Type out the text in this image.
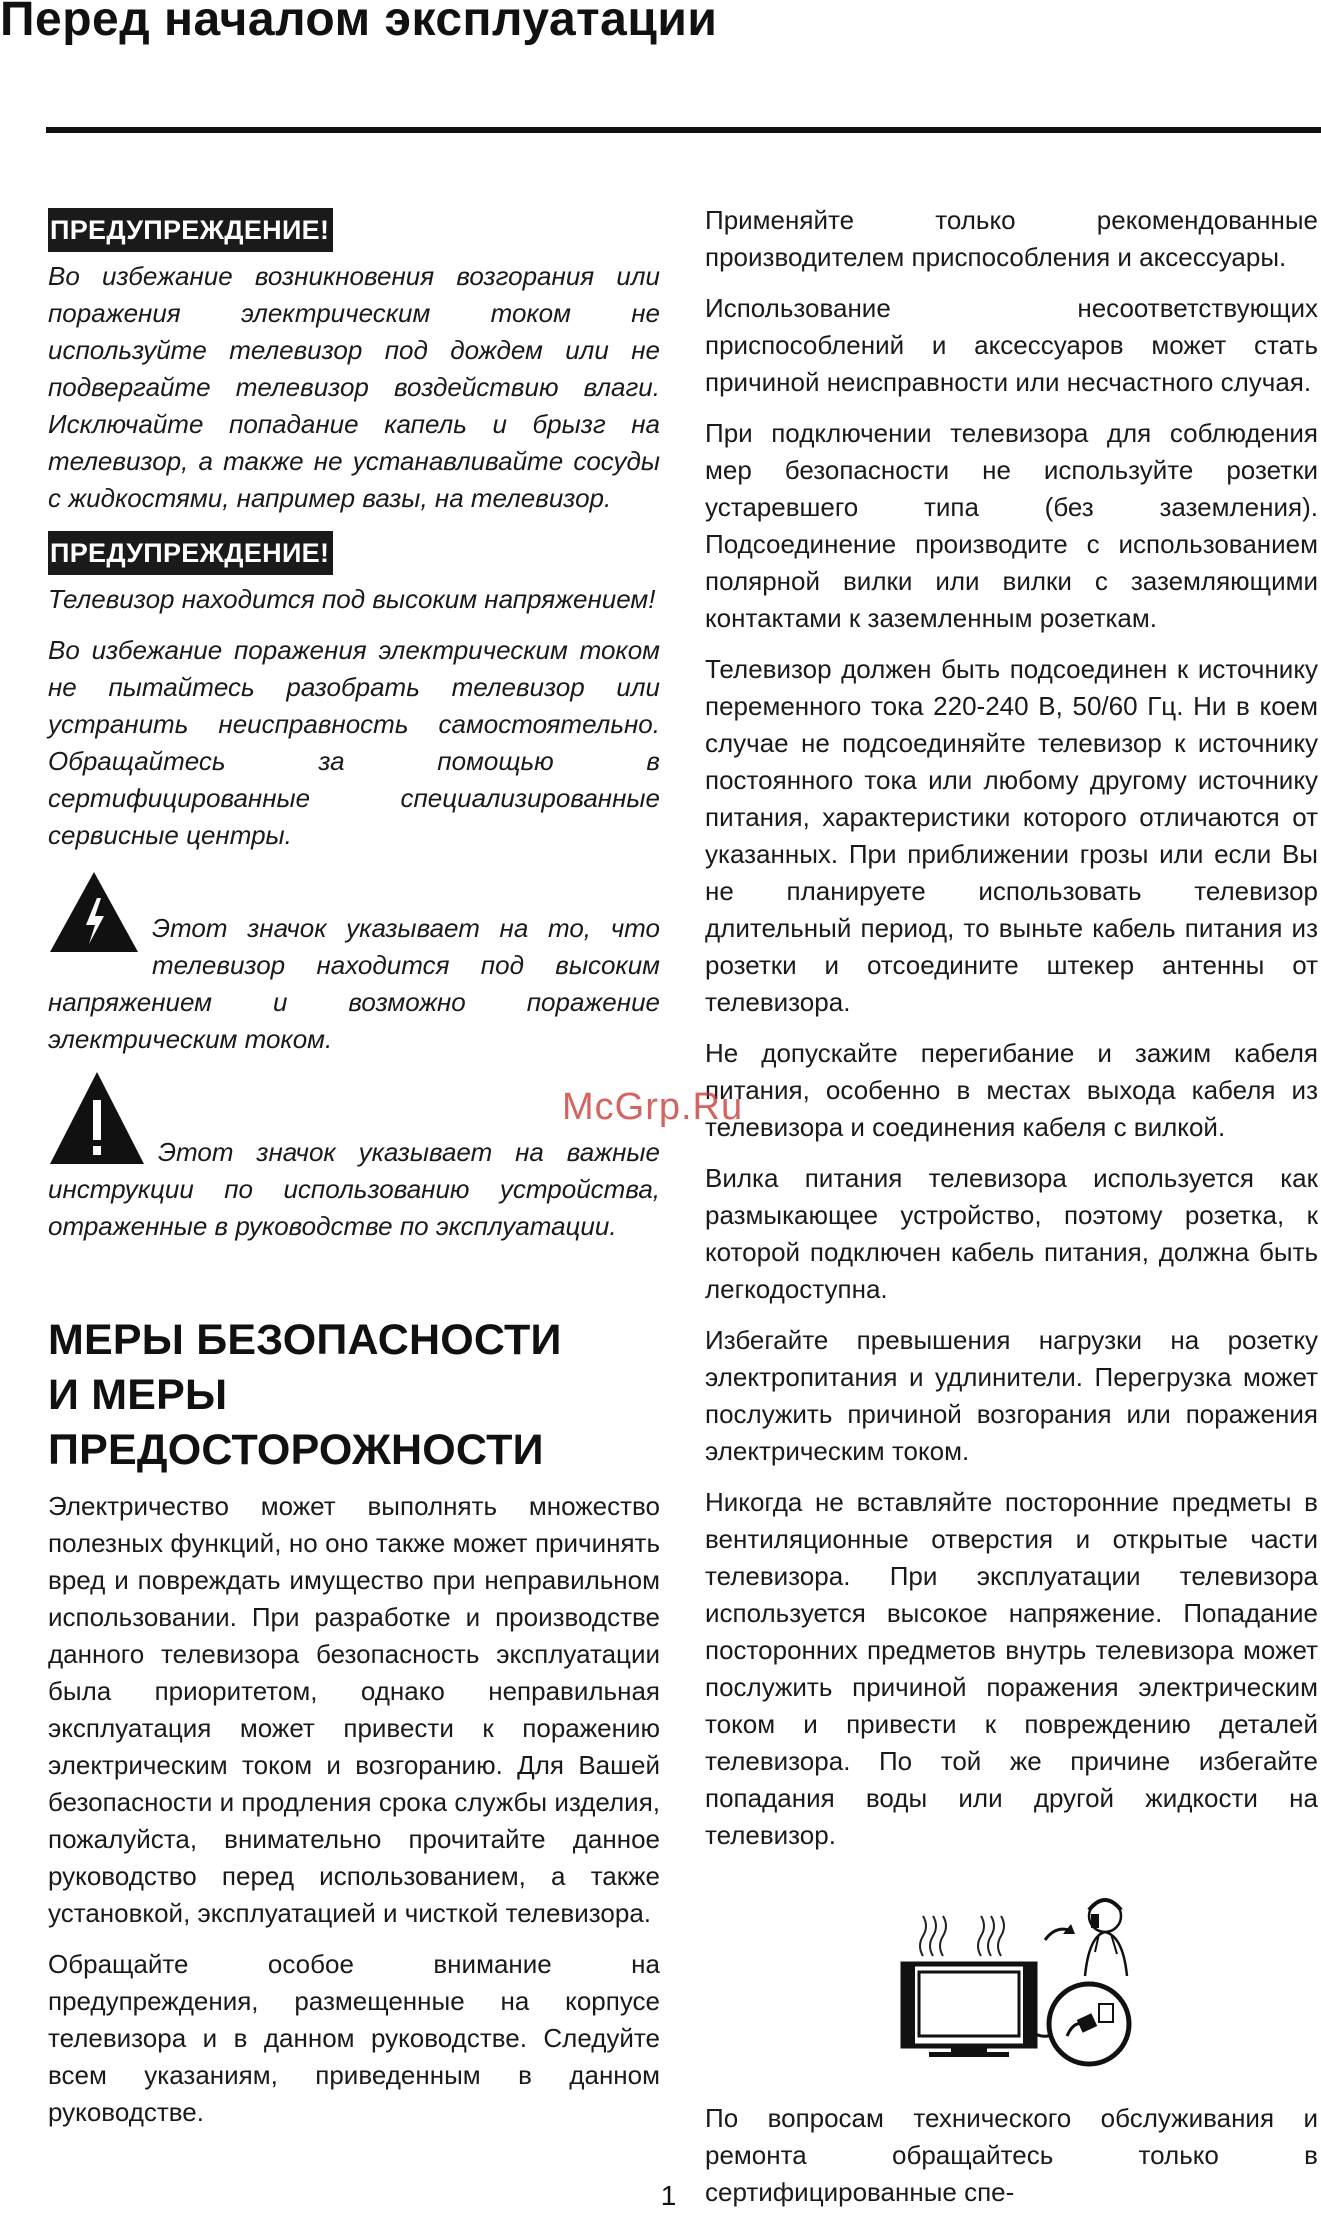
Перед началом эксплуатации
ПРЕДУПРЕЖДЕНИЕ!

Во избежание возникновения возгорания или поражения электрическим током не используйте телевизор под дождем или не подвергайте телевизор воздействию влаги. Исключайте попадание капель и брызг на телевизор, а также не устанавливайте сосуды с жидкостями, например вазы, на телевизор.

ПРЕДУПРЕЖДЕНИЕ!

Телевизор находится под высоким напряжением!

Во избежание поражения электрическим током не пытайтесь разобрать телевизор или устранить неисправность самостоятельно. Обращайтесь за помощью в сертифицированные специализированные сервисные центры.

Этот значок указывает на то, что телевизор находится под высоким напряжением и возможно поражение электрическим током.

Этот значок указывает на важные инструкции по использованию устройства, отраженные в руководстве по эксплуатации.

МЕРЫ БЕЗОПАСНОСТИ
И МЕРЫ ПРЕДОСТОРОЖНОСТИ

Электричество может выполнять множество полезных функций, но оно также может причинять вред и повреждать имущество при неправильном использовании. При разработке и производстве данного телевизора безопасность эксплуатации была приоритетом, однако неправильная эксплуатация может привести к поражению электрическим током и возгоранию. Для Вашей безопасности и продления срока службы изделия, пожалуйста, внимательно прочитайте данное руководство перед использованием, а также установкой, эксплуатацией и чисткой телевизора.

Обращайте особое внимание на предупреждения, размещенные на корпусе телевизора и в данном руководстве. Следуйте всем указаниям, приведенным в данном руководстве.

Применяйте только рекомендованные производителем приспособления и аксессуары.

Использование несоответствующих приспособлений и аксессуаров может стать причиной неисправности или несчастного случая.

При подключении телевизора для соблюдения мер безопасности не используйте розетки устаревшего типа (без заземления). Подсоединение производите с использованием полярной вилки или вилки с заземляющими контактами к заземленным розеткам.

Телевизор должен быть подсоединен к источнику переменного тока 220-240 В, 50/60 Гц. Ни в коем случае не подсоединяйте телевизор к источнику постоянного тока или любому другому источнику питания, характеристики которого отличаются от указанных. При приближении грозы или если Вы не планируете использовать телевизор длительный период, то выньте кабель питания из розетки и отсоедините штекер антенны от телевизора.

Не допускайте перегибание и зажим кабеля питания, особенно в местах выхода кабеля из телевизора и соединения кабеля с вилкой.

Вилка питания телевизора используется как размыкающее устройство, поэтому розетка, к которой подключен кабель питания, должна быть легкодоступна.

Избегайте превышения нагрузки на розетку электропитания и удлинители. Перегрузка может послужить причиной возгорания или поражения электрическим током.

Никогда не вставляйте посторонние предметы в вентиляционные отверстия и открытые части телевизора. При эксплуатации телевизора используется высокое напряжение. Попадание посторонних предметов внутрь телевизора может послужить причиной поражения электрическим током и привести к повреждению деталей телевизора. По той же причине избегайте попадания воды или другой жидкости на телевизор.

По вопросам технического обслуживания и ремонта обращайтесь только в сертифицированные спе-

McGrp.Ru
1
